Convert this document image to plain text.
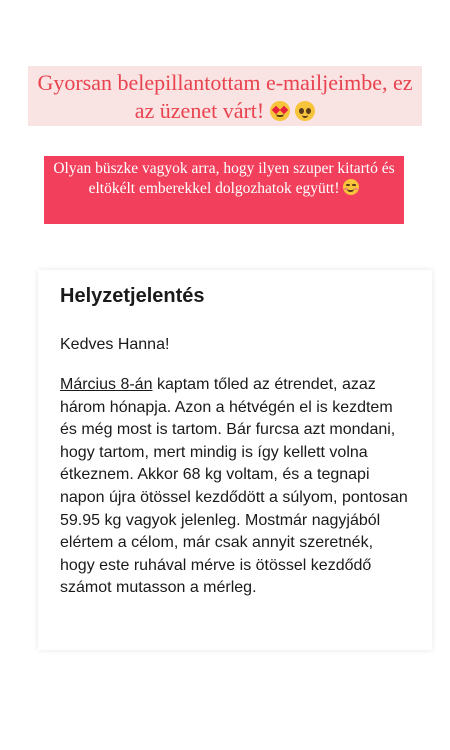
Gyorsan belepillantottam e-mailjeimbe, ez az üzenet várt!

Olyan büszke vagyok arra, hogy ilyen szuper kitartó és eltökélt emberekkel dolgozhatok együtt!
Helyzetjelentés
Kedves Hanna!
Március 8-án kaptam tőled az étrendet, azaz három hónapja. Azon a hétvégén el is kezdtem és még most is tartom. Bár furcsa azt mondani, hogy tartom, mert mindig is így kellett volna étkeznem. Akkor 68 kg voltam, és a tegnapi napon újra ötössel kezdődött a súlyom, pontosan 59.95 kg vagyok jelenleg. Mostmár nagyjából elértem a célom, már csak annyit szeretnék, hogy este ruhával mérve is ötössel kezdődő számot mutasson a mérleg.
